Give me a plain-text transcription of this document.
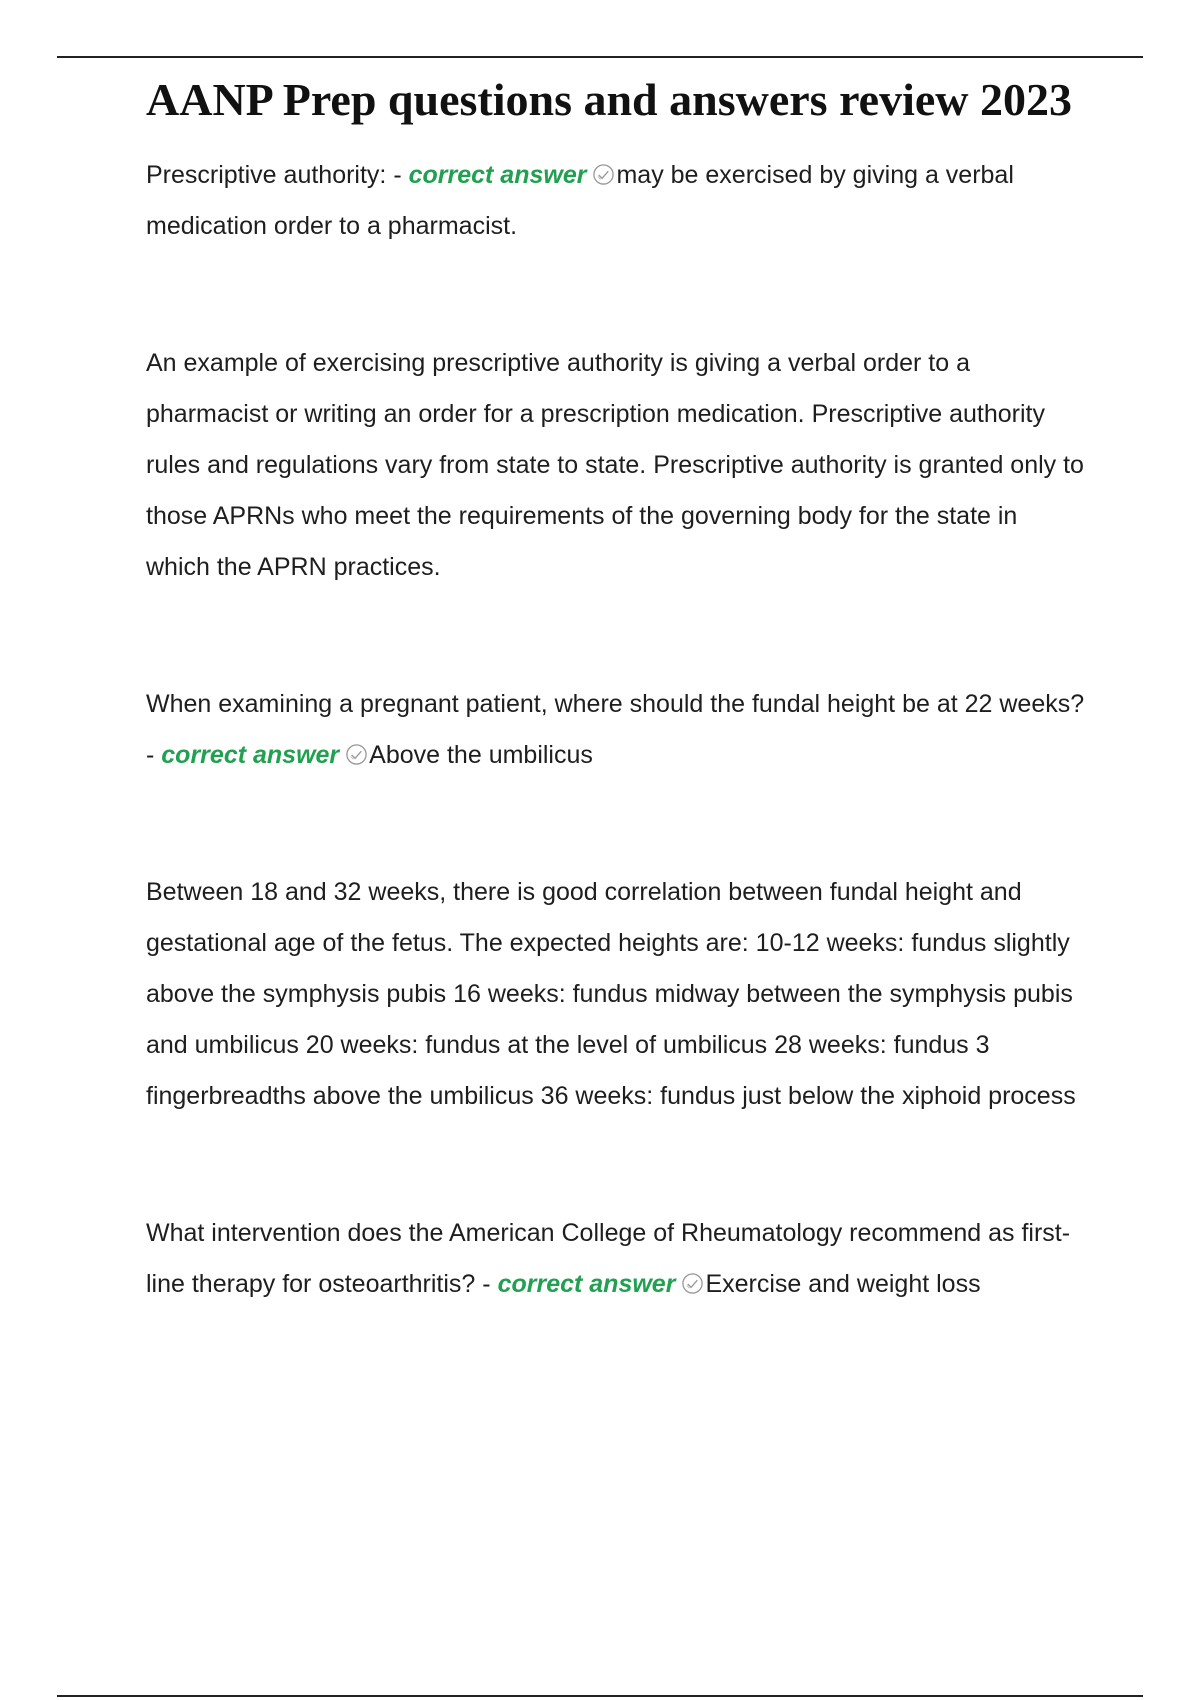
AANP Prep questions and answers review 2023

Prescriptive authority: - correct answer may be exercised by giving a verbal medication order to a pharmacist.

An example of exercising prescriptive authority is giving a verbal order to a pharmacist or writing an order for a prescription medication. Prescriptive authority rules and regulations vary from state to state. Prescriptive authority is granted only to those APRNs who meet the requirements of the governing body for the state in which the APRN practices.

When examining a pregnant patient, where should the fundal height be at 22 weeks? - correct answer Above the umbilicus

Between 18 and 32 weeks, there is good correlation between fundal height and gestational age of the fetus. The expected heights are: 10-12 weeks: fundus slightly above the symphysis pubis 16 weeks: fundus midway between the symphysis pubis and umbilicus 20 weeks: fundus at the level of umbilicus 28 weeks: fundus 3 fingerbreadths above the umbilicus 36 weeks: fundus just below the xiphoid process

What intervention does the American College of Rheumatology recommend as first-line therapy for osteoarthritis? - correct answer Exercise and weight loss
